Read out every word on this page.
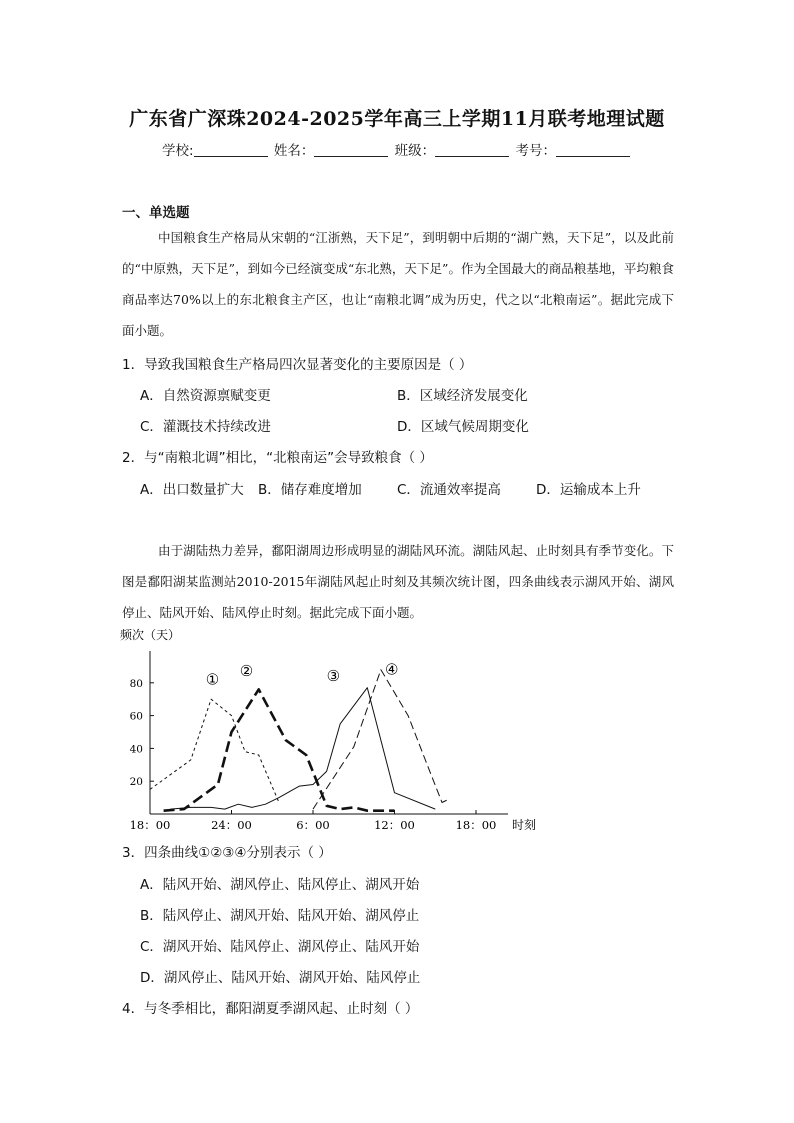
广东省广深珠2024-2025学年高三上学期11月联考地理试题
学校:	姓名：	班级：	考号：
一、单选题
中国粮食生产格局从宋朝的“江浙熟，天下足”，到明朝中后期的“湖广熟，天下足”，以及此前的“中原熟，天下足”，到如今已经演变成“东北熟，天下足”。作为全国最大的商品粮基地，平均粮食商品率达70%以上的东北粮食主产区，也让“南粮北调”成为历史，代之以“北粮南运”。据此完成下面小题。
1．导致我国粮食生产格局四次显著变化的主要原因是（ ）
A．自然资源禀赋变更	B．区域经济发展变化
C．灌溉技术持续改进	D．区域气候周期变化
2．与“南粮北调”相比，“北粮南运”会导致粮食（ ）
A．出口数量扩大 B．储存难度增加	C．流通效率提高	D．运输成本上升
由于湖陆热力差异，鄱阳湖周边形成明显的湖陆风环流。湖陆风起、止时刻具有季节变化。下图是鄱阳湖某监测站2010-2015年湖陆风起止时刻及其频次统计图，四条曲线表示湖风开始、湖风停止、陆风开始、陆风停止时刻。据此完成下面小题。
频次（天）
20
40
60
80
18：00	24：00	6：00	12：00	18：00 时刻
① ②	③	④
3．四条曲线①②③④分别表示（ ）
A．陆风开始、湖风停止、陆风停止、湖风开始
B．陆风停止、湖风开始、陆风开始、湖风停止
C．湖风开始、陆风停止、湖风停止、陆风开始
D．湖风停止、陆风开始、湖风开始、陆风停止
4．与冬季相比，鄱阳湖夏季湖风起、止时刻（ ）
